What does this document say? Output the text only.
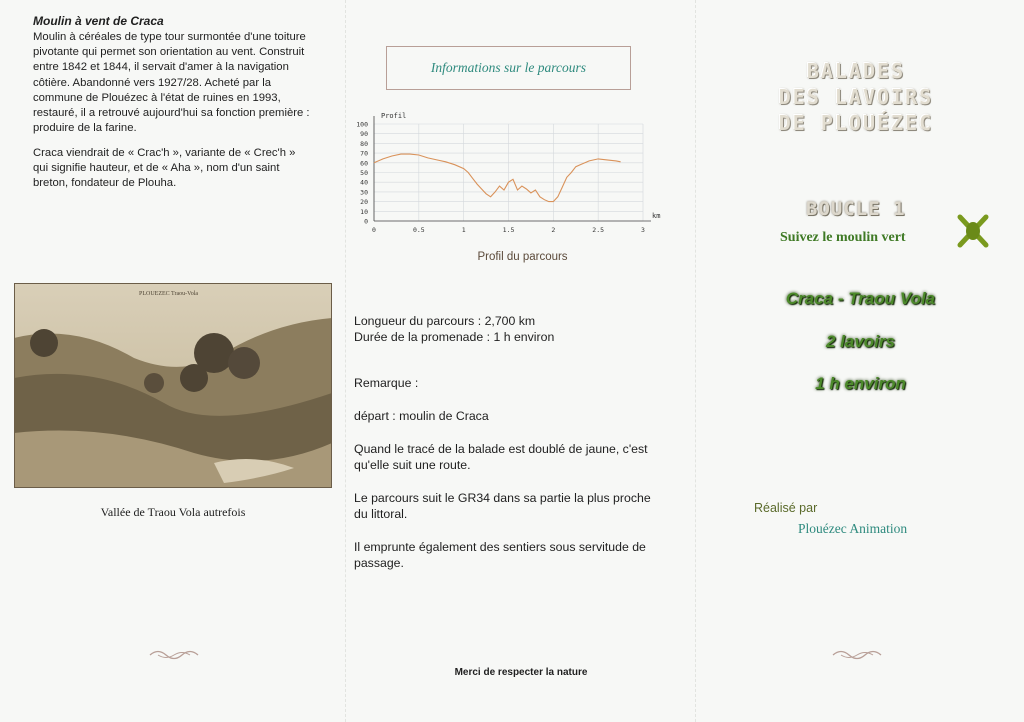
Moulin à vent de Craca

Moulin à céréales de type tour surmontée d'une toiture
pivotante qui permet son orientation au vent. Construit
entre 1842 et 1844, il servait d'amer à la navigation
côtière. Abandonné vers 1927/28. Acheté par la
commune de Plouézec à l'état de ruines en 1993,
restauré, il a retrouvé aujourd'hui sa fonction première :
produire de la farine.

Craca viendrait de « Crac'h », variante de « Crec'h »
qui signifie hauteur, et de « Aha », nom d'un saint
breton, fondateur de Plouha.

PLOUEZEC Traou-Vola
Vallée de Traou Vola autrefois
Informations sur le parcours
0
10
20
30
40
50
60
70
80
90
100
0	0.5	1	1.5	2	2.5	3
Profil
km
Profil du parcours

Longueur du parcours : 2,700 km
Durée de la promenade : 1 h environ

Remarque :

départ : moulin de Craca

Quand le tracé de la balade est doublé de jaune, c'est
qu'elle suit une route.

Le parcours suit le GR34 dans sa partie la plus proche
du littoral.

Il emprunte également des sentiers sous servitude de
passage.

Merci de respecter la nature
BALADES
DES LAVOIRS
DE PLOUÉZEC
BOUCLE 1
Suivez le moulin vert
Craca - Traou Vola
2 lavoirs
1 h environ
Réalisé par
Plouézec Animation
